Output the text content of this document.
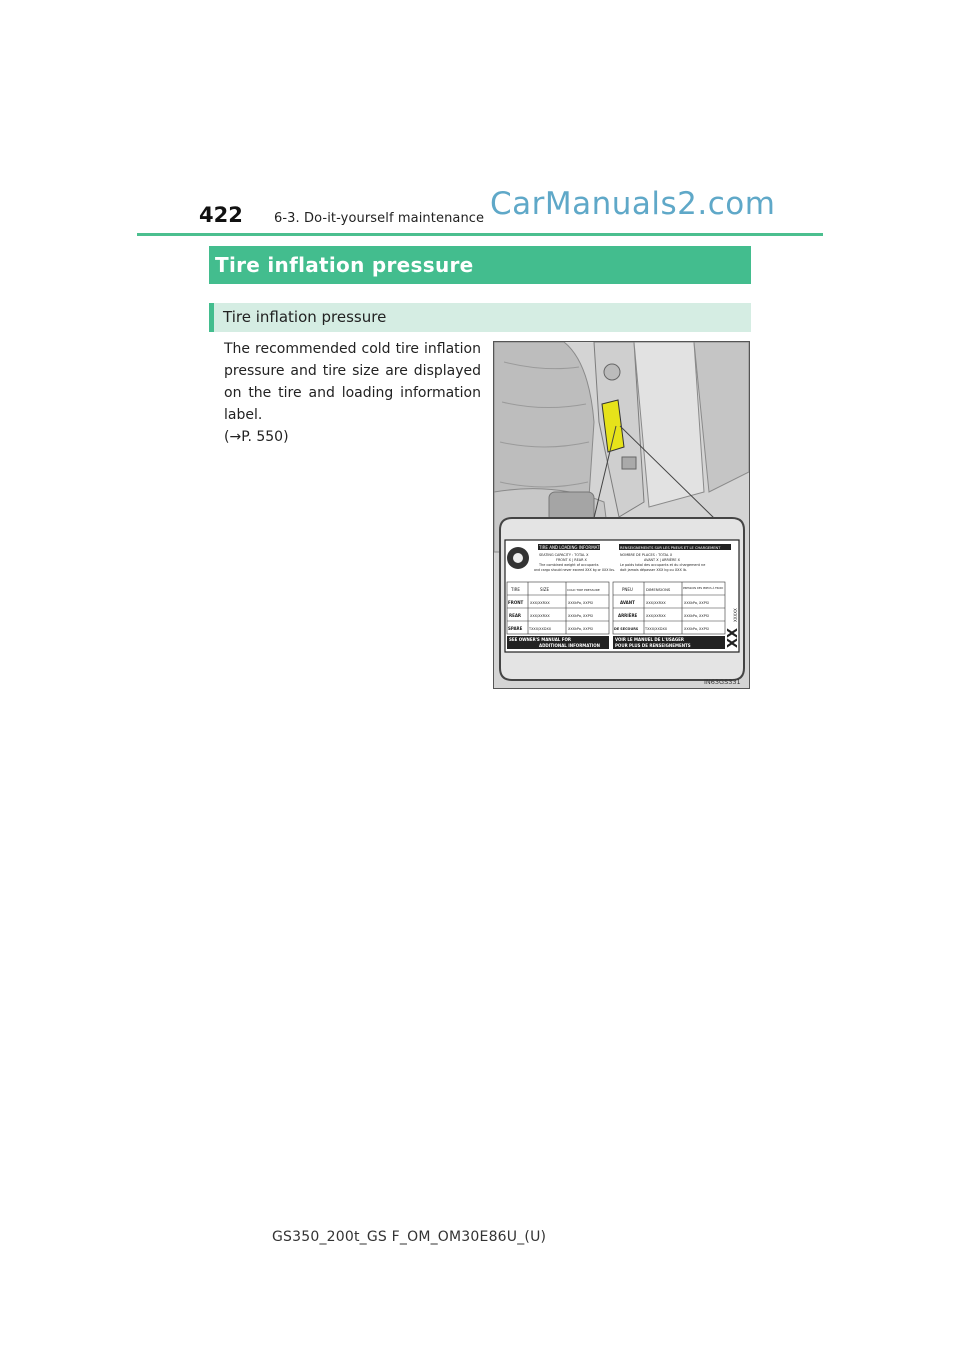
422 6-3. Do-it-yourself maintenance CarManuals2.com
Tire inflation pressure
Tire inflation pressure
The recommended cold tire inflation pressure and tire size are displayed on the tire and loading information label.
(→P. 550)
TIRE AND LOADING INFORMATION	RENSEIGNEMENTS SUR LES PNEUS ET LE CHARGEMENT
SEATING CAPACITY : TOTAL X
FRONT X | REAR X
The combined weight of occupants
and cargo should never exceed XXX kg or XXX lbs.
NOMBRE DE PLACES : TOTAL X
AVANT X | ARRIÈRE X
Le poids total des occupants et du chargement ne
doit jamais dépasser XXX kg ou XXX lb.
TIRE	SIZE	COLD TIRE PRESSURE
FRONT XXX/XXRXX	XXXkPa, XXPSI
REAR	XXX/XXRXX	XXXkPa, XXPSI
SPARE TXXX/XXDXX	XXXkPa, XXPSI
PNEU	DIMENSIONS	PRESSION DES PNEUS À FROID
AVANT	XXX/XXRXX	XXXkPa, XXPSI
ARRIÈRE	XXX/XXRXX	XXXkPa, XXPSI
DE SECOURS TXXX/XXDXX	XXXkPa, XXPSI
SEE OWNER'S MANUAL FOR
ADDITIONAL INFORMATION
VOIR LE MANUEL DE L'USAGER
POUR PLUS DE RENSEIGNEMENTS	XX
XXXXX
IN63GS331
GS350_200t_GS F_OM_OM30E86U_(U)
